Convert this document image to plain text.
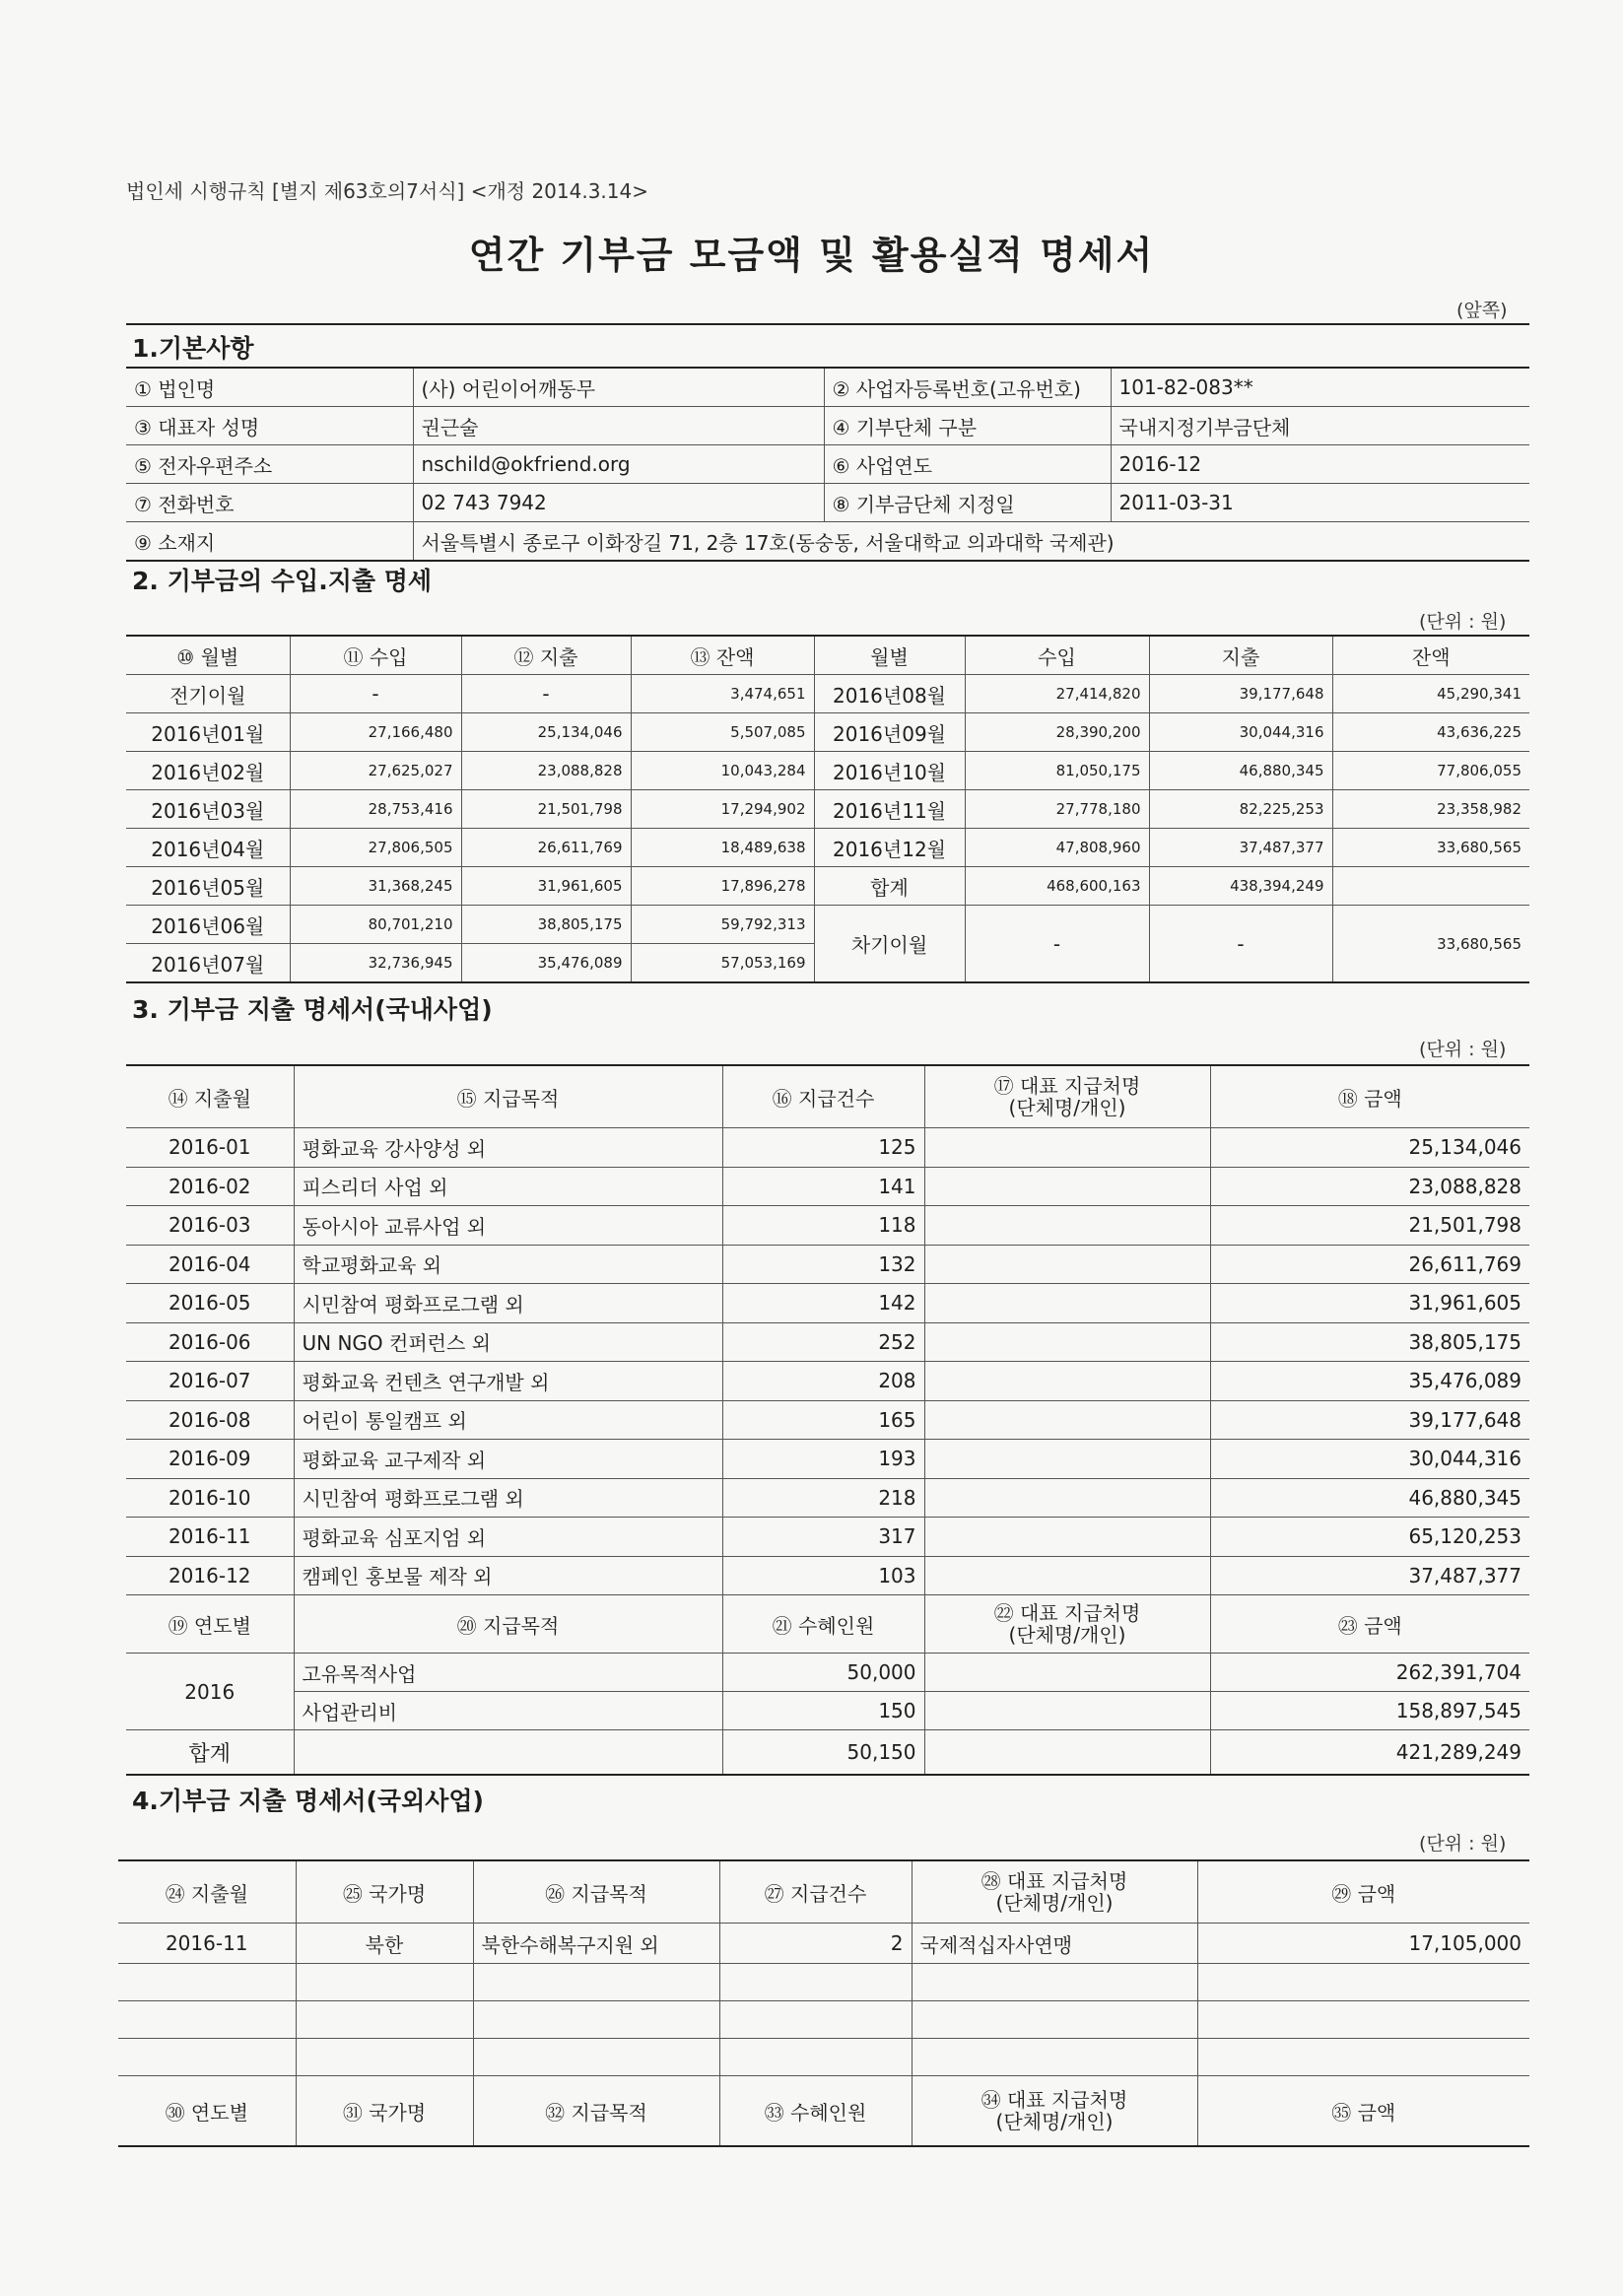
법인세 시행규칙 [별지 제63호의7서식] <개정 2014.3.14>
연간 기부금 모금액 및 활용실적 명세서
(앞쪽)
1.기본사항
① 법인명	(사) 어린이어깨동무	② 사업자등록번호(고유번호)	101-82-083**
③ 대표자 성명	권근술	④ 기부단체 구분	국내지정기부금단체
⑤ 전자우편주소	nschild@okfriend.org	⑥ 사업연도	2016-12
⑦ 전화번호	02 743 7942	⑧ 기부금단체 지정일	2011-03-31
⑨ 소재지	서울특별시 종로구 이화장길 71, 2층 17호(동숭동, 서울대학교 의과대학 국제관)		
2. 기부금의 수입.지출 명세
(단위 : 원)
⑩ 월별	⑪ 수입	⑫ 지출	⑬ 잔액	월별	수입	지출	잔액
전기이월	-	-	3,474,651	2016년08월	27,414,820	39,177,648	45,290,341
2016년01월	27,166,480	25,134,046	5,507,085	2016년09월	28,390,200	30,044,316	43,636,225
2016년02월	27,625,027	23,088,828	10,043,284	2016년10월	81,050,175	46,880,345	77,806,055
2016년03월	28,753,416	21,501,798	17,294,902	2016년11월	27,778,180	82,225,253	23,358,982
2016년04월	27,806,505	26,611,769	18,489,638	2016년12월	47,808,960	37,487,377	33,680,565
2016년05월	31,368,245	31,961,605	17,896,278	합계	468,600,163	438,394,249	
2016년06월	80,701,210	38,805,175	59,792,313	차기이월	-	-	33,680,565
2016년07월	32,736,945	35,476,089	57,053,169				
3. 기부금 지출 명세서(국내사업)
(단위 : 원)
⑭ 지출월	⑮ 지급목적	⑯ 지급건수	⑰ 대표 지급처명
(단체명/개인)	⑱ 금액
2016-01	평화교육 강사양성 외	125		25,134,046
2016-02	피스리더 사업 외	141		23,088,828
2016-03	동아시아 교류사업 외	118		21,501,798
2016-04	학교평화교육 외	132		26,611,769
2016-05	시민참여 평화프로그램 외	142		31,961,605
2016-06	UN NGO 컨퍼런스 외	252		38,805,175
2016-07	평화교육 컨텐츠 연구개발 외	208		35,476,089
2016-08	어린이 통일캠프 외	165		39,177,648
2016-09	평화교육 교구제작 외	193		30,044,316
2016-10	시민참여 평화프로그램 외	218		46,880,345
2016-11	평화교육 심포지엄 외	317		65,120,253
2016-12	캠페인 홍보물 제작 외	103		37,487,377
⑲ 연도별	⑳ 지급목적	㉑ 수혜인원	㉒ 대표 지급처명
(단체명/개인)	㉓ 금액
2016	고유목적사업	50,000		262,391,704
	사업관리비	150		158,897,545
합계		50,150		421,289,249
4.기부금 지출 명세서(국외사업)
(단위 : 원)
㉔ 지출월	㉕ 국가명	㉖ 지급목적	㉗ 지급건수	㉘ 대표 지급처명
(단체명/개인)	㉙ 금액
2016-11	북한	북한수해복구지원 외	2	국제적십자사연맹	17,105,000

㉚ 연도별	㉛ 국가명	㉜ 지급목적	㉝ 수혜인원	㉞ 대표 지급처명
(단체명/개인)	㉟ 금액
